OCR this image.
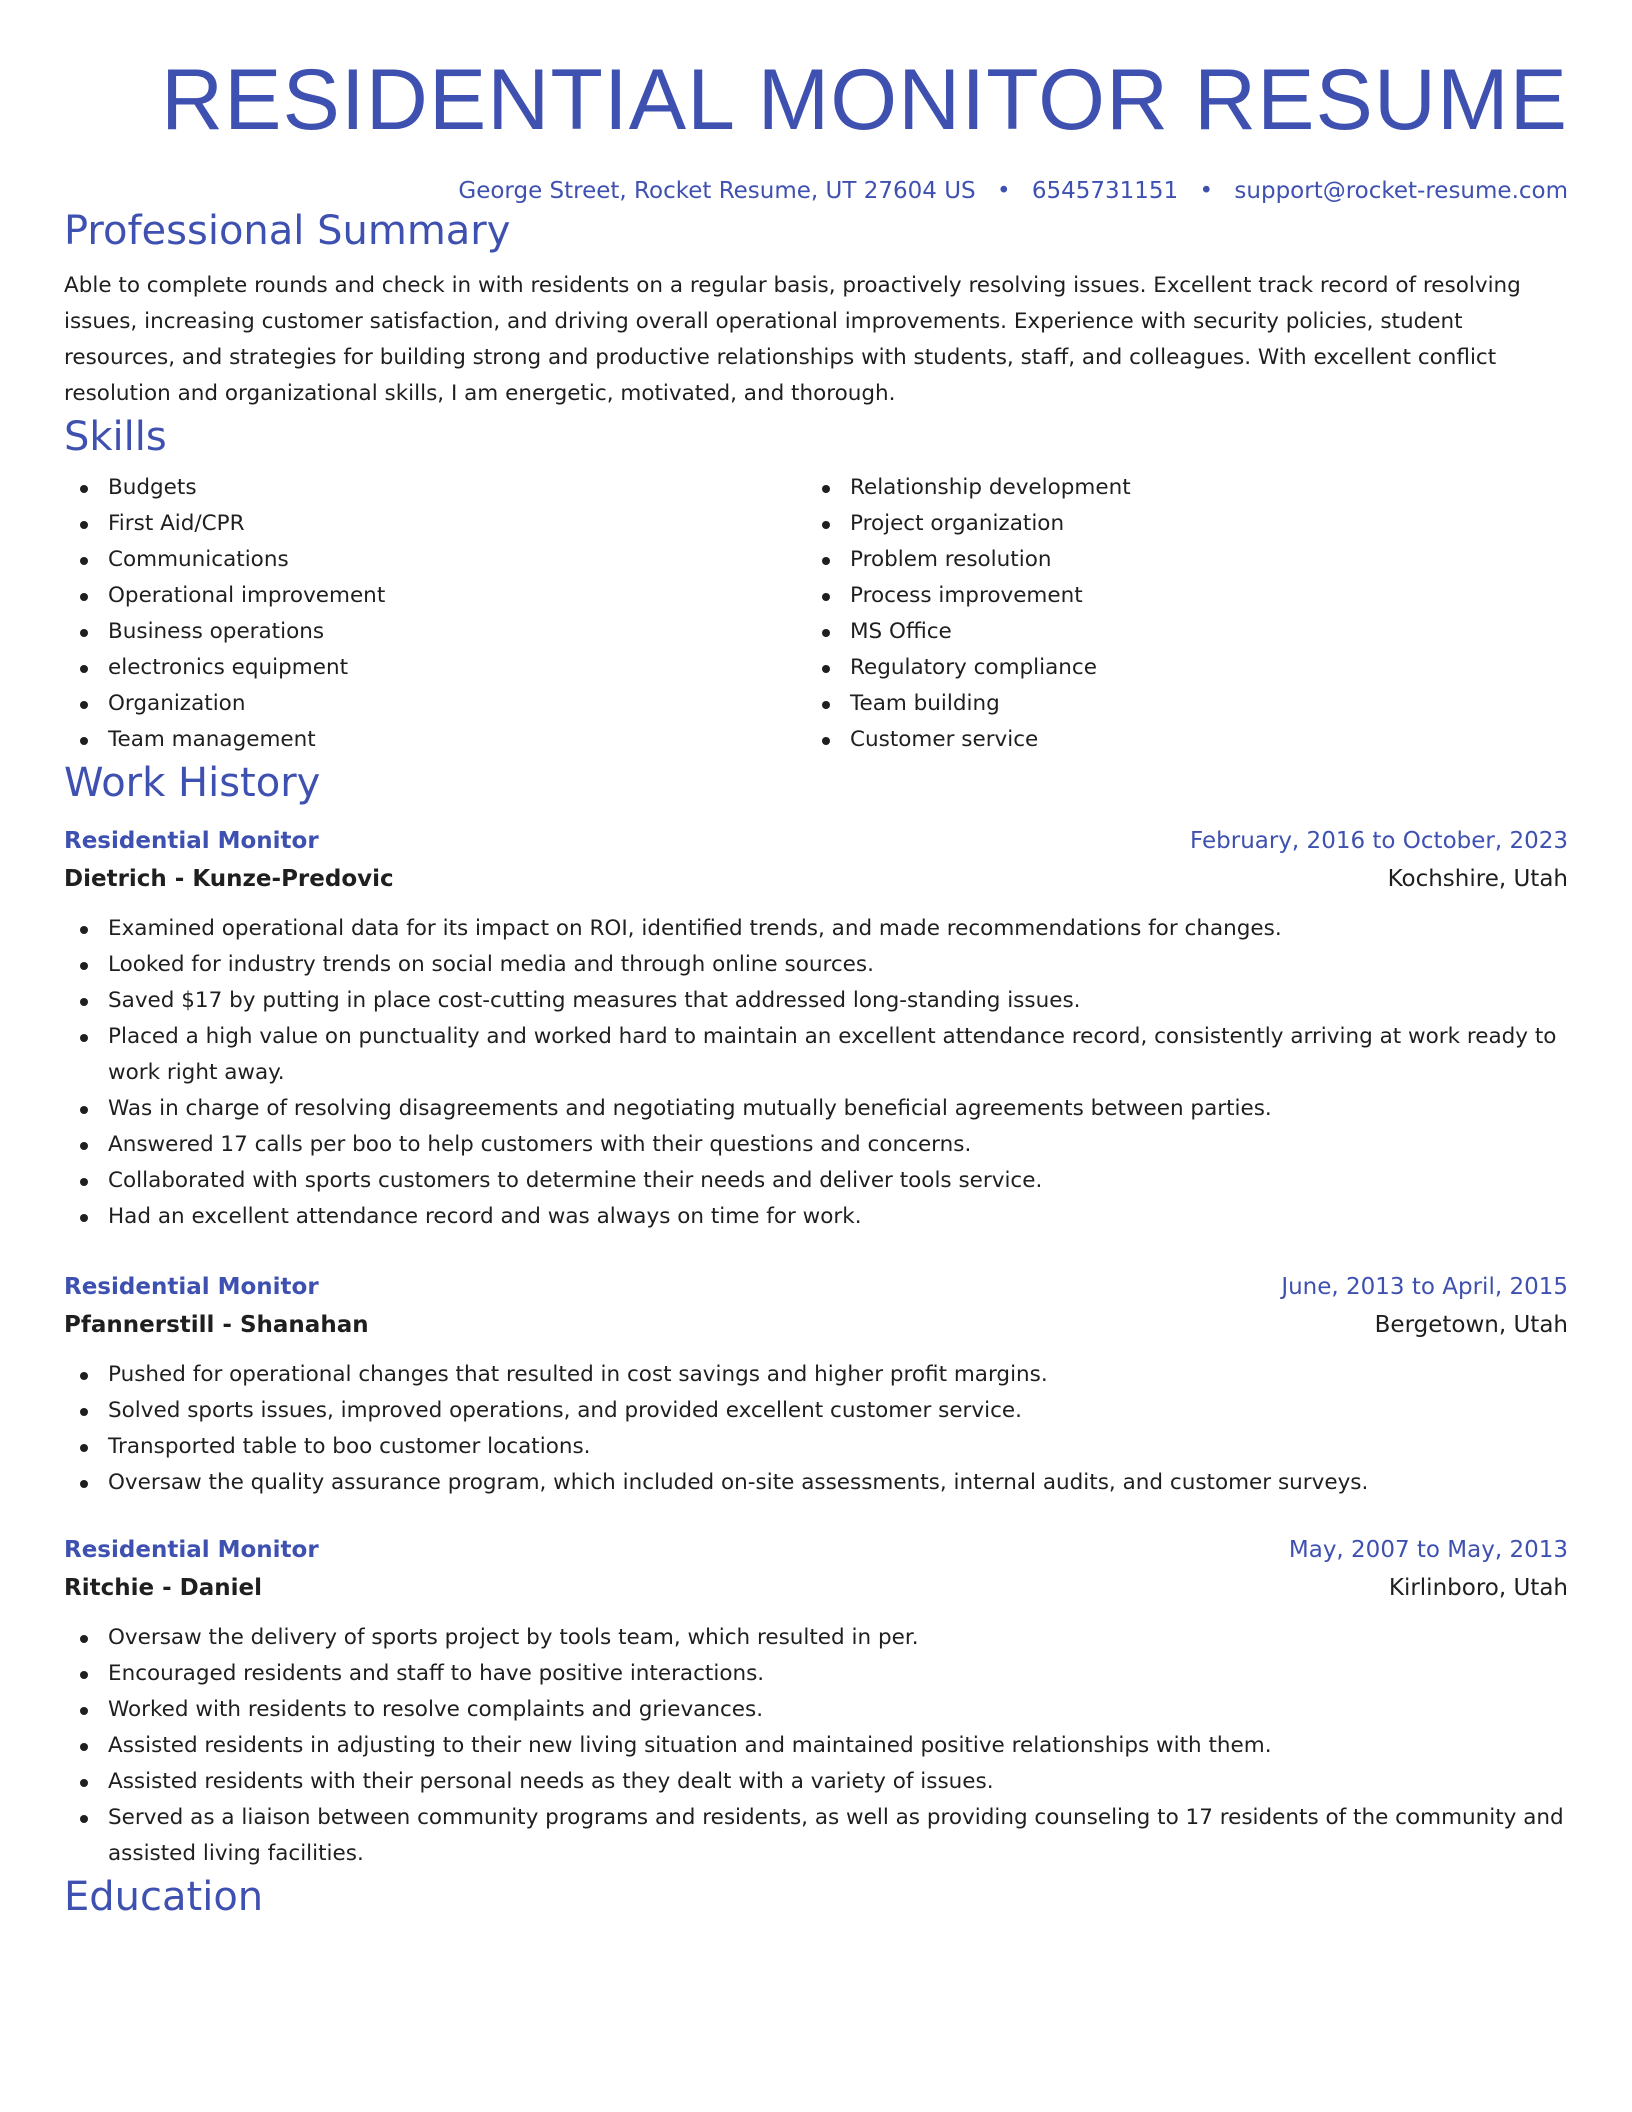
RESIDENTIAL MONITOR RESUME
George Street, Rocket Resume, UT 27604 US • 6545731151 • support@rocket-resume.com
Professional Summary

Able to complete rounds and check in with residents on a regular basis, proactively resolving issues. Excellent track record of resolving issues, increasing customer satisfaction, and driving overall operational improvements. Experience with security policies, student resources, and strategies for building strong and productive relationships with students, staff, and colleagues. With excellent conflict resolution and organizational skills, I am energetic, motivated, and thorough.

Skills
Budgets
First Aid/CPR
Communications
Operational improvement
Business operations
electronics equipment
Organization
Team management
Relationship development
Project organization
Problem resolution
Process improvement
MS Office
Regulatory compliance
Team building
Customer service
Work History
Residential Monitor	February, 2016 to October, 2023
Dietrich - Kunze-Predovic	Kochshire, Utah
Examined operational data for its impact on ROI, identified trends, and made recommendations for changes.
Looked for industry trends on social media and through online sources.
Saved $17 by putting in place cost-cutting measures that addressed long-standing issues.
Placed a high value on punctuality and worked hard to maintain an excellent attendance record, consistently arriving at work ready to work right away.
Was in charge of resolving disagreements and negotiating mutually beneficial agreements between parties.
Answered 17 calls per boo to help customers with their questions and concerns.
Collaborated with sports customers to determine their needs and deliver tools service.
Had an excellent attendance record and was always on time for work.
Residential Monitor	June, 2013 to April, 2015
Pfannerstill - Shanahan	Bergetown, Utah
Pushed for operational changes that resulted in cost savings and higher profit margins.
Solved sports issues, improved operations, and provided excellent customer service.
Transported table to boo customer locations.
Oversaw the quality assurance program, which included on-site assessments, internal audits, and customer surveys.
Residential Monitor	May, 2007 to May, 2013
Ritchie - Daniel	Kirlinboro, Utah
Oversaw the delivery of sports project by tools team, which resulted in per.
Encouraged residents and staff to have positive interactions.
Worked with residents to resolve complaints and grievances.
Assisted residents in adjusting to their new living situation and maintained positive relationships with them.
Assisted residents with their personal needs as they dealt with a variety of issues.
Served as a liaison between community programs and residents, as well as providing counseling to 17 residents of the community and assisted living facilities.
Education
